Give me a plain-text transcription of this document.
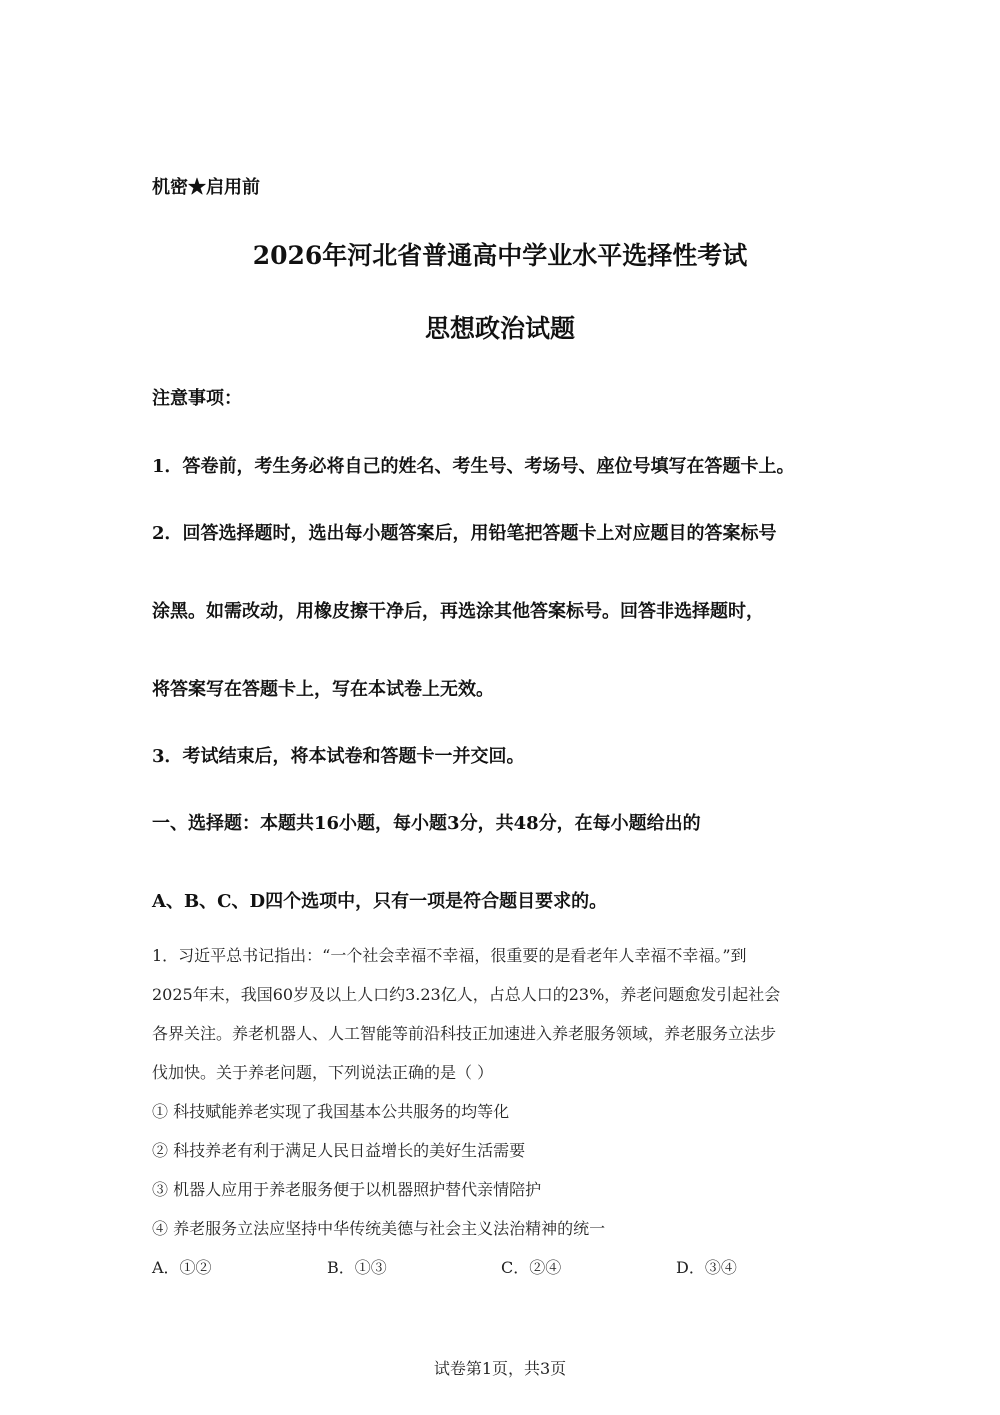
机密★启用前
2026年河北省普通高中学业水平选择性考试
思想政治试题
注意事项：
1．答卷前，考生务必将自己的姓名、考生号、考场号、座位号填写在答题卡上。
2．回答选择题时，选出每小题答案后，用铅笔把答题卡上对应题目的答案标号
涂黑。如需改动，用橡皮擦干净后，再选涂其他答案标号。回答非选择题时，
将答案写在答题卡上，写在本试卷上无效。
3．考试结束后，将本试卷和答题卡一并交回。
一、选择题：本题共16小题，每小题3分，共48分，在每小题给出的
A、B、C、D四个选项中，只有一项是符合题目要求的。
1．习近平总书记指出：“一个社会幸福不幸福，很重要的是看老年人幸福不幸福。”到
2025年末，我国60岁及以上人口约3.23亿人，占总人口的23%，养老问题愈发引起社会
各界关注。养老机器人、人工智能等前沿科技正加速进入养老服务领域，养老服务立法步
伐加快。关于养老问题，下列说法正确的是（ ）
① 科技赋能养老实现了我国基本公共服务的均等化
② 科技养老有利于满足人民日益增长的美好生活需要
③ 机器人应用于养老服务便于以机器照护替代亲情陪护
④ 养老服务立法应坚持中华传统美德与社会主义法治精神的统一
A．①②	B．①③	C．②④	D．③④
试卷第1页，共3页
